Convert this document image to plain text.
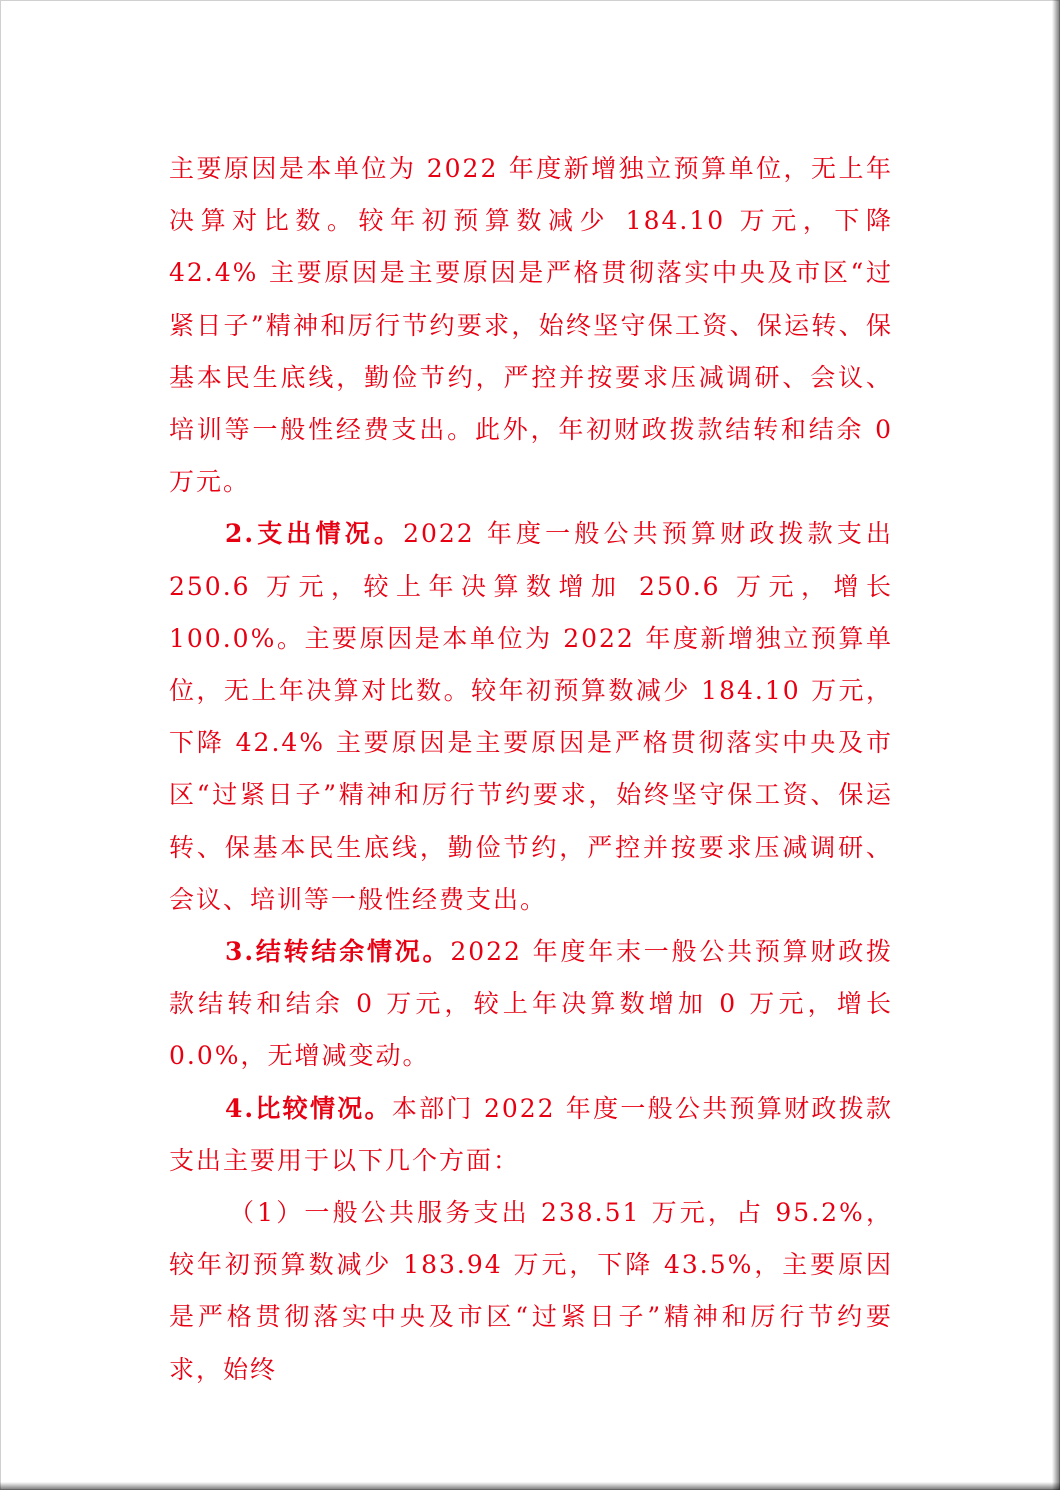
主要原因是本单位为 2022 年度新增独立预算单位，无上年决算对比数。较年初预算数减少 184.10 万元，下降 42.4% 主要原因是主要原因是严格贯彻落实中央及市区“过紧日子”精神和厉行节约要求，始终坚守保工资、保运转、保基本民生底线，勤俭节约，严控并按要求压减调研、会议、培训等一般性经费支出。此外，年初财政拨款结转和结余 0 万元。

2.支出情况。2022 年度一般公共预算财政拨款支出 250.6 万元，较上年决算数增加 250.6 万元，增长 100.0%。主要原因是本单位为 2022 年度新增独立预算单位，无上年决算对比数。较年初预算数减少 184.10 万元，下降 42.4% 主要原因是主要原因是严格贯彻落实中央及市区“过紧日子”精神和厉行节约要求，始终坚守保工资、保运转、保基本民生底线，勤俭节约，严控并按要求压减调研、会议、培训等一般性经费支出。

3.结转结余情况。2022 年度年末一般公共预算财政拨款结转和结余 0 万元，较上年决算数增加 0 万元，增长 0.0%，无增减变动。

4.比较情况。本部门 2022 年度一般公共预算财政拨款支出主要用于以下几个方面：

（1）一般公共服务支出 238.51 万元，占 95.2%，较年初预算数减少 183.94 万元，下降 43.5%，主要原因是严格贯彻落实中央及市区“过紧日子”精神和厉行节约要求，始终
